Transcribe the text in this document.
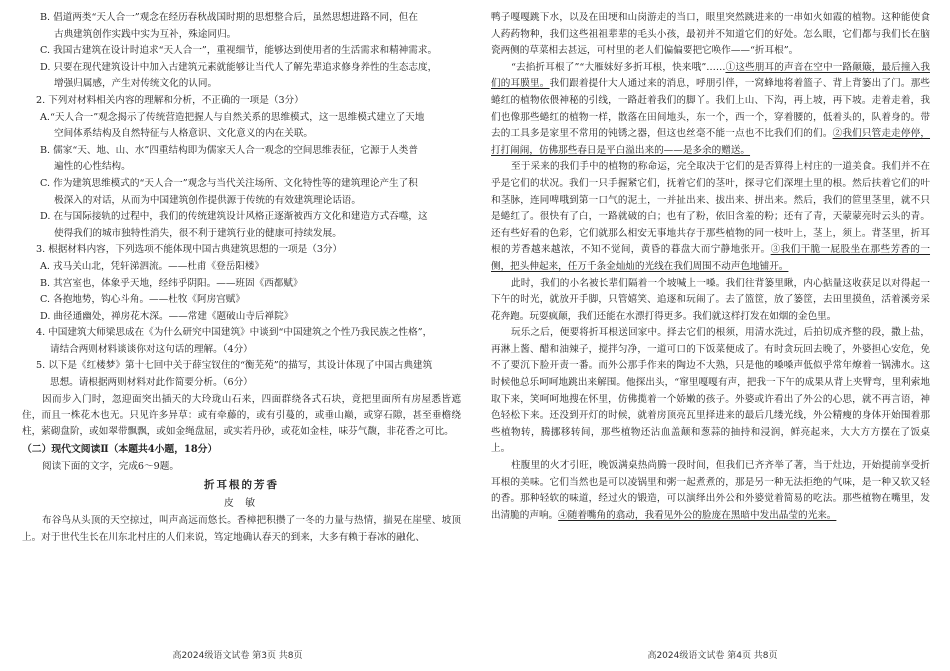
B. 倡道两类“天人合一”观念在经历春秋战国时期的思想整合后，虽然思想进路不同，但在

古典建筑创作实践中实为互补，殊途同归。

C. 我国古建筑在设计时追求“天人合一”，重视细节，能够达到使用者的生活需求和精神需求。

D. 只要在现代建筑设计中加入古建筑元素就能够让当代人了解先辈追求修身养性的生态志度，

增强归属感，产生对传统文化的认同。

2. 下列对材料相关内容的理解和分析，不正确的一项是（3分）

A.“天人合一”观念揭示了传统营造把握人与自然关系的思维模式，这一思维模式建立了天地

空间体系结构及自然特征与人格意识、文化意义的内在关联。

B. 儒家“天、地、山、水”四重结构即为儒家天人合一观念的空间思维表征，它源于人类普

遍性的心性结构。

C. 作为建筑思维模式的“天人合一”观念与当代关注场所、文化特性等的建筑理论产生了积

极深入的对话，从而为中国建筑创作提供源于传统的有效建筑理论话语。

D. 在与国际接轨的过程中，我们的传统建筑设计风格正逐渐被西方文化和建造方式吞噬，这

使得我们的城市独特性消失，很不利于建筑行业的健康可持续发展。

3. 根据材料内容，下列选项不能体现中国古典建筑思想的一项是（3分）

A. 戎马关山北，凭轩涕泗流。——杜甫《登岳阳楼》

B. 其宫室也，体象乎天地，经纬乎阴阳。——班固《西都赋》

C. 各抱地势，钩心斗角。——杜牧《阿房宫赋》

D. 曲径通幽处，禅房花木深。——常建《题破山寺后禅院》

4. 中国建筑大师梁思成在《为什么研究中国建筑》中谈到“中国建筑之个性乃我民族之性格”，

请结合两则材料谈谈你对这句话的理解。（4分）

5. 以下是《红楼梦》第十七回中关于薛宝钗住的“衡芜苑”的描写，其设计体现了中国古典建筑

思想。请根据两则材料对此作简要分析。（6分）

因而步入门时，忽迎面突出插天的大玲珑山石来，四面群绕各式石块，竟把里面所有房屋悉皆遮住，而且一株花木也无。只见许多异草：或有牵藤的，或有引蔓的，或垂山巅，或穿石隙，甚至垂檐绕柱，萦砌盘阶，或如翠带飘飘，或如金绳盘屈，或实若丹砂，或花如金桂，味芬气馥，非花香之可比。

（二）现代文阅读Ⅱ（本题共4小题，18分）

阅读下面的文字，完成6～9题。

折耳根的芳香

皮 敏

布谷鸟从头顶的天空掠过，叫声高远而悠长。香樟把积攒了一冬的力量与热情，揣晃在崖壁、坡顶上。对于世代生长在川东北村庄的人们来说，笃定地确认春天的到来，大多有赖于春冰的融化、

高2024级语文试卷 第3页 共8页

鸭子嘎嘎跳下水，以及在田埂和山岗游走的当口，眼里突然跳进来的一串如火如霞的植物。这种能使食人药药物种，我们这些祖祖辈辈的毛头小孩，最初并不知道它们的好处。怎么眼，它们都与我们长在脑瓷两侧的草菜相去甚远，可村里的老人们偏偏要把它唤作——“折耳根”。

“去掐折耳根了”“大雁妹好多折耳根，快来哦”……①这些朋耳的声音在空中一路颠簸，最后撞入我们的耳膜里。我们跟着提什大人通过来的消息，呼朋引伴，一窝蜂地将着篮子、背上背篓出了门。那些蜷红的植物依偎神秘的引线，一路赶着我们的脚丫。我们上山、下沟，再上坡，再下坡。走着走着，我们也像那些蜷红的植物一样，散落在田间地头，东一个，西一个，穿着腰的，低着头的，队着身的。带去的工具多是家里不常用的钝锈之器，但这也丝毫不能一点也不比我们们的们。②我们只管走走停停，打打闹闹，仿佛那些春日是平白溢出来的——是多余的赠送。

至于采来的我们手中的植物的称命运，完全取决于它们的是否算得上村庄的一道美食。我们并不在乎是它们的状况。我们一只手握紧它们，抚着它们的茎叶，探寻它们深埋土里的根。然后扶着它们的叶和茎脉，连同啤哦到第一口气的泥土，一并扯出来、拔出来、拼出来。然后，我们的笸里茎里，就不只是蜷红了。很快有了白，一路就破的白；也有了粉，依旧含羞的粉；还有了青，天蒙蒙亮时云头的青。还有些好看的色彩，它们就那么相安无事地共存于那些植物的同一枝叶上，茎上，须上。背茎里，折耳根的芳香越来越浓，不知不觉间，黄昏的暮盘大而宁静地张开。③我们干脆一屁股坐在那些芳香的一侧，把头伸起来，任万千条金灿灿的光线在我们周围不动声色地铺开。

此时，我们的小名被长辈们隔着一个坡喊上一嗓。我们往背篓里瞅，内心掂量这收获足以对得起一下午的时光，就放开手脚，只管嬉笑、追逐和玩闹了。去了篮筐，放了篓筐，去田里摸鱼，活着溪旁采花奔跑。玩耍疯颠，我们还能在水漂打得更多。我们就这样打发在如烟的金色里。

玩乐之后，便要将折耳根送回家中。择去它们的根须，用清水洗过，后拍切成齐整的段，撒上盐，再淋上酱、醋和油辣子，搅拌匀净，一道可口的下饭菜便成了。有时贪玩回去晚了，外婆担心安危，免不了要沉下脸开责一番。而外公那手作来的陶边不大熟，只是他的嗓嗓声低似乎常年燎着一锅沸水。这时候他总乐呵呵地跳出来解围。他探出头，“窜里嘎嘎有声，把我一下午的成果从背上夹臂弯，里利索地取下来，笑呵呵地搜在怀里，仿佛揽着一个娇嫩的孩子。外婆或许看出了外公的心思，就不再言语，神色轻松下来。还没到开灯的时候，就着房顶亮瓦里择进来的最后几缕光线，外公精瘦的身体开始围着那些植物转，腾挪移转间，那些植物还沾血盖颠和葱蒜的抽持和浸润，鲜亮起来，大大方方摆在了饭桌上。

柱腹里的火才引旺，晚饭满桌热尚腾一段时间，但我们已齐齐举了著，当于灶边，开始提前享受折耳根的美味。它们当然也是可以凌锅里和粥一起煮煮的，那是另一种无法拒绝的气味，是一种又软又轻的香。那种轻软的味道，经过火的锻造，可以演绎出外公和外婆觉着简易的吃法。那些植物在嘴里，发出清脆的声响。④随着嘴角的翕动，我看见外公的脸庞在黑暗中发出晶莹的光来。

高2024级语文试卷 第4页 共8页
